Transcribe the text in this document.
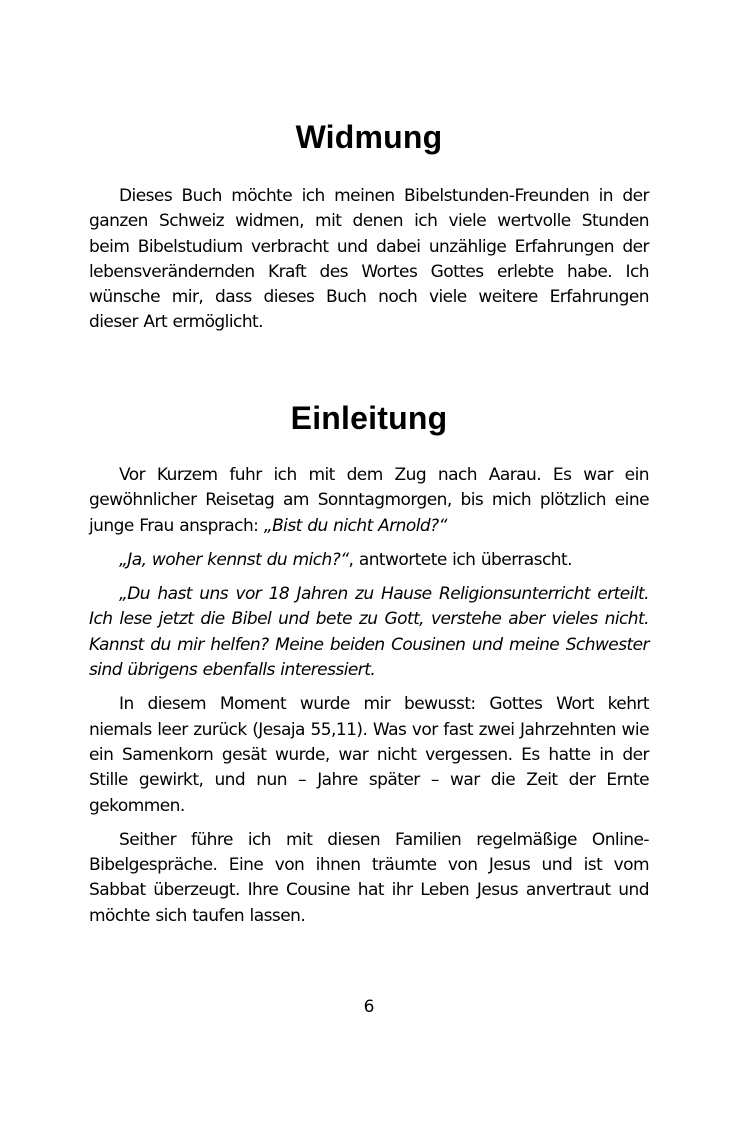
Widmung

Dieses Buch möchte ich meinen Bibelstunden-Freunden in der ganzen Schweiz widmen, mit denen ich viele wertvolle Stunden beim Bibelstudium verbracht und dabei unzählige Erfahrungen der lebensverändernden Kraft des Wortes Gottes erlebte habe. Ich wünsche mir, dass dieses Buch noch viele weitere Erfahrungen dieser Art ermöglicht.

Einleitung

Vor Kurzem fuhr ich mit dem Zug nach Aarau. Es war ein gewöhnlicher Reisetag am Sonntagmorgen, bis mich plötzlich eine junge Frau ansprach: „Bist du nicht Arnold?“

„Ja, woher kennst du mich?“, antwortete ich überrascht.

„Du hast uns vor 18 Jahren zu Hause Religionsunterricht erteilt. Ich lese jetzt die Bibel und bete zu Gott, verstehe aber vieles nicht. Kannst du mir helfen? Meine beiden Cousinen und meine Schwester sind übrigens ebenfalls interessiert.

In diesem Moment wurde mir bewusst: Gottes Wort kehrt niemals leer zurück (Jesaja 55,11). Was vor fast zwei Jahrzehnten wie ein Samenkorn gesät wurde, war nicht vergessen. Es hatte in der Stille gewirkt, und nun – Jahre später – war die Zeit der Ernte gekommen.

Seither führe ich mit diesen Familien regelmäßige Online-Bibelgespräche. Eine von ihnen träumte von Jesus und ist vom Sabbat überzeugt. Ihre Cousine hat ihr Leben Jesus anvertraut und möchte sich taufen lassen.

6
